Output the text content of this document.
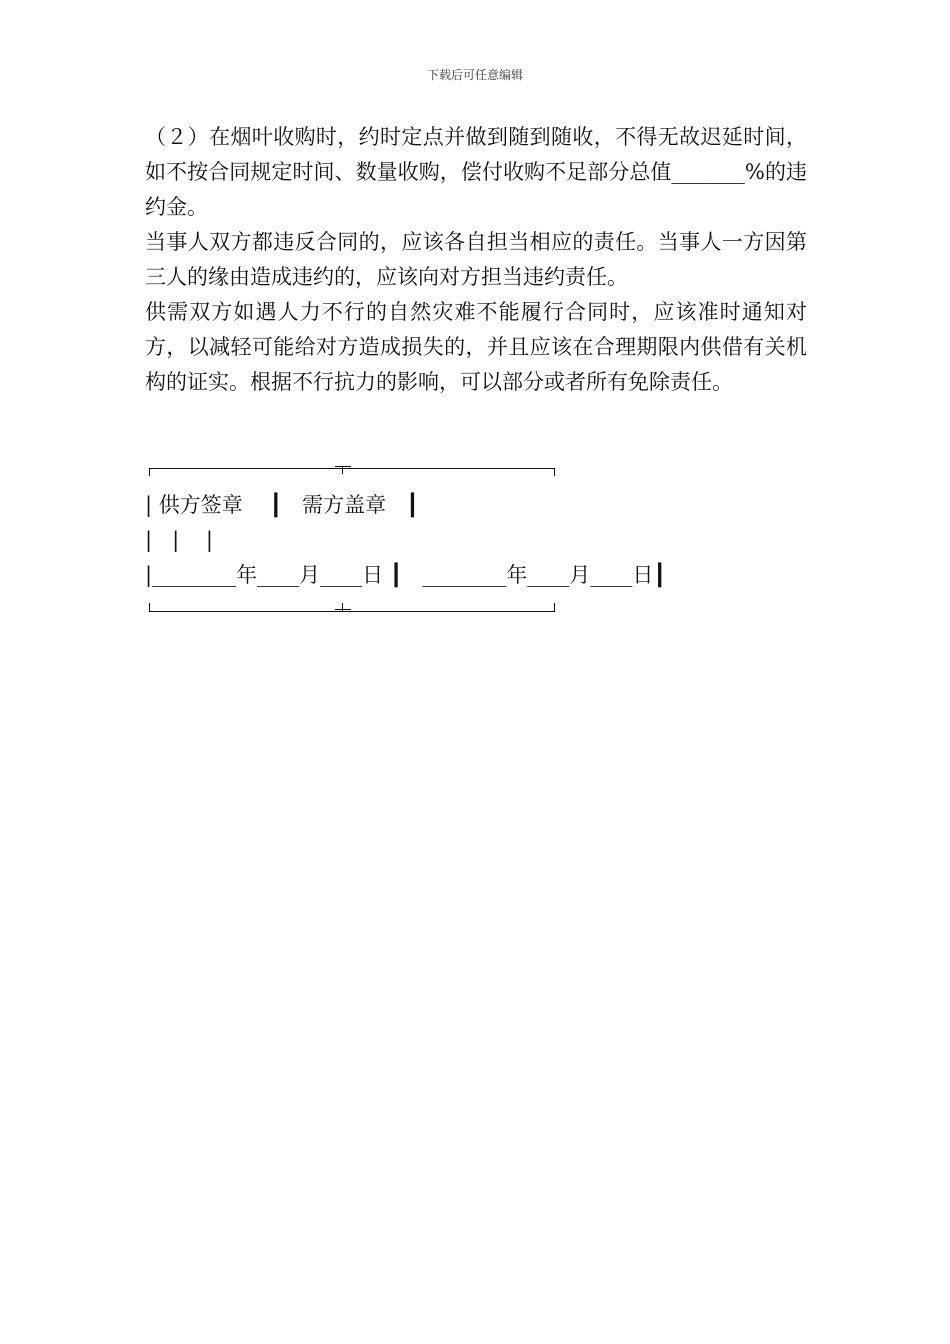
下载后可任意编辑

（２）在烟叶收购时，约时定点并做到随到随收，不得无故迟延时间，如不按合同规定时间、数量收购，偿付收购不足部分总值_______%的违约金。

当事人双方都违反合同的，应该各自担当相应的责任。当事人一方因第三人的缘由造成违约的，应该向对方担当违约责任。

供需双方如遇人力不行的自然灾难不能履行合同时，应该准时通知对方，以减轻可能给对方造成损失的，并且应该在合理期限内供借有关机构的证实。根据不行抗力的影响，可以部分或者所有免除责任。

| 供方签章    ┃   需方盖章   ┃
|   |    |
|________年____月____日 ┃   ________年____月____日┃
